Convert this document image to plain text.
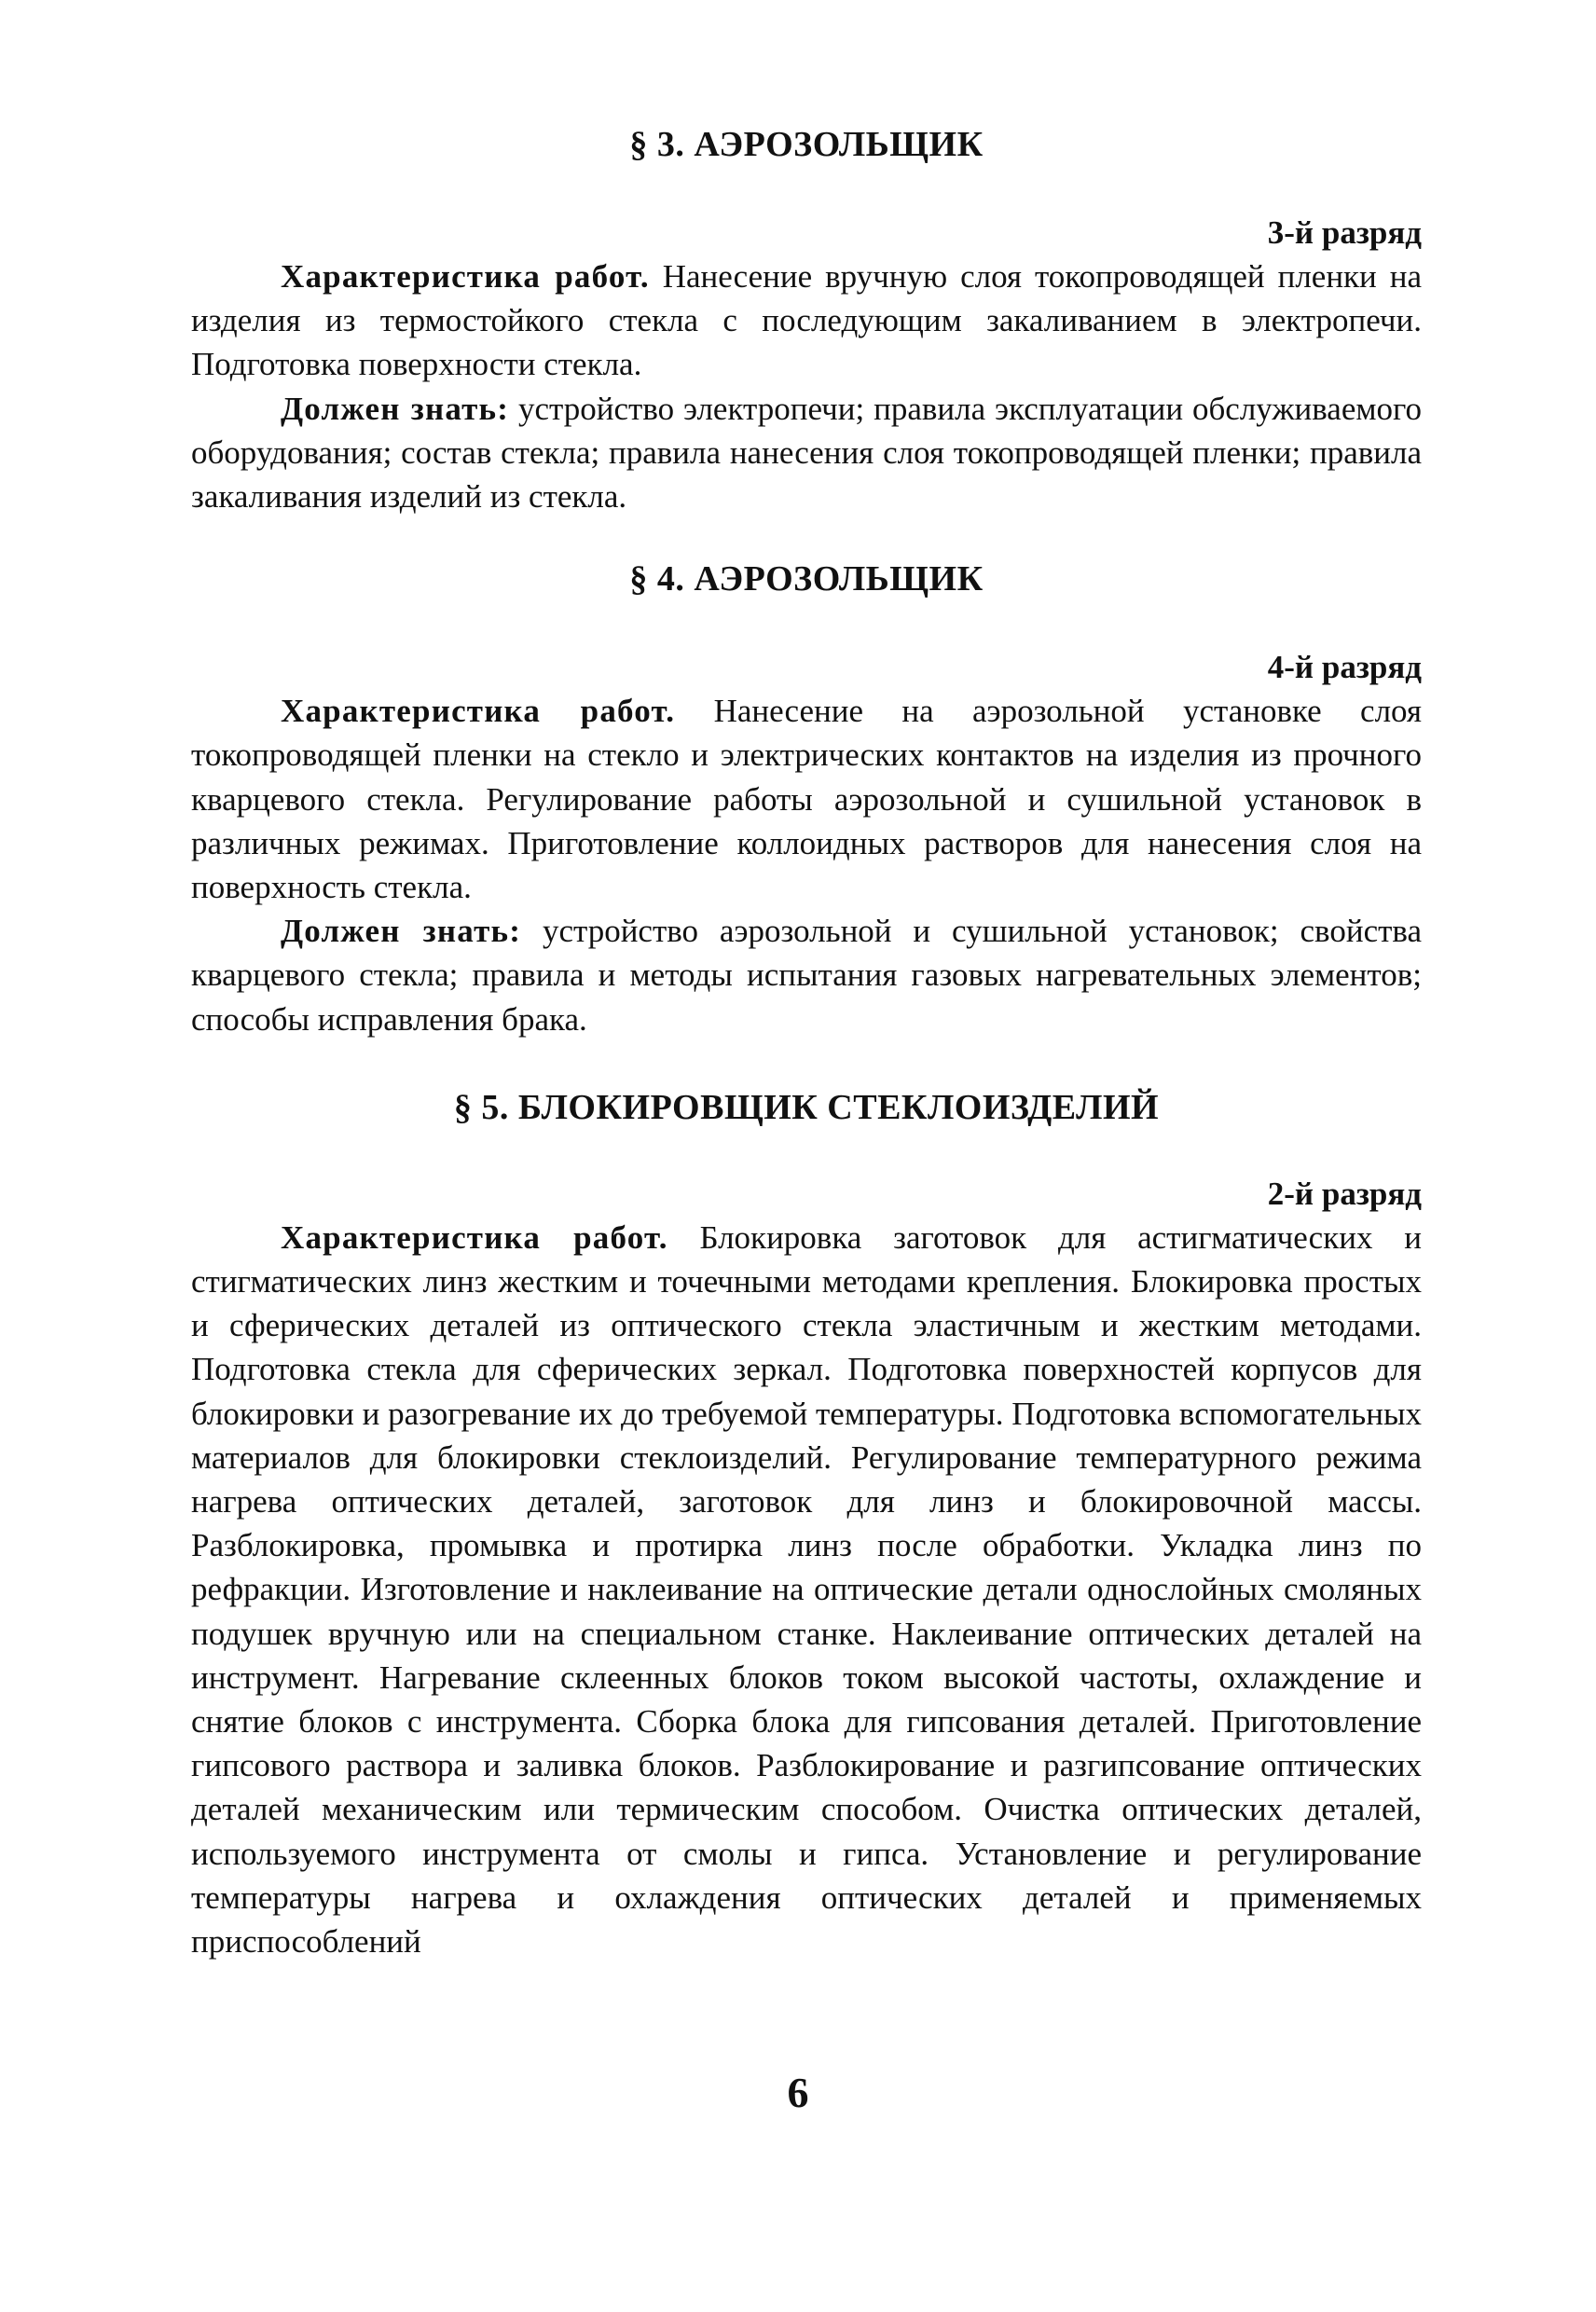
§ 3. АЭРОЗОЛЬЩИК

3-й разряд

Характеристика работ. Нанесение вручную слоя токопроводящей пленки на изделия из термостойкого стекла с последующим закаливанием в электропечи. Подготовка поверхности стекла.

Должен знать: устройство электропечи; правила эксплуатации обслуживаемого оборудования; состав стекла; правила нанесения слоя токопроводящей пленки; правила закаливания изделий из стекла.

§ 4. АЭРОЗОЛЬЩИК

4-й разряд

Характеристика работ. Нанесение на аэрозольной установке слоя токопроводящей пленки на стекло и электрических контактов на изделия из прочного кварцевого стекла. Регулирование работы аэрозольной и сушильной установок в различных режимах. Приготовление коллоидных растворов для нанесения слоя на поверхность стекла.

Должен знать: устройство аэрозольной и сушильной установок; свойства кварцевого стекла; правила и методы испытания газовых нагревательных элементов; способы исправления брака.

§ 5. БЛОКИРОВЩИК СТЕКЛОИЗДЕЛИЙ

2-й разряд

Характеристика работ. Блокировка заготовок для астигматических и стигматических линз жестким и точечными методами крепления. Блокировка простых и сферических деталей из оптического стекла эластичным и жестким методами. Подготовка стекла для сферических зеркал. Подготовка поверхностей корпусов для блокировки и разогревание их до требуемой температуры. Подготовка вспомогательных материалов для блокировки стеклоизделий. Регулирование температурного режима нагрева оптических деталей, заготовок для линз и блокировочной массы. Разблокировка, промывка и протирка линз после обработки. Укладка линз по рефракции. Изготовление и наклеивание на оптические детали однослойных смоляных подушек вручную или на специальном станке. Наклеивание оптических деталей на инструмент. Нагревание склеенных блоков током высокой частоты, охлаждение и снятие блоков с инструмента. Сборка блока для гипсования деталей. Приготовление гипсового раствора и заливка блоков. Разблокирование и разгипсование оптических деталей механическим или термическим способом. Очистка оптических деталей, используемого инструмента от смолы и гипса. Установление и регулирование температуры нагрева и охлаждения оптических деталей и применяемых приспособлений

6
